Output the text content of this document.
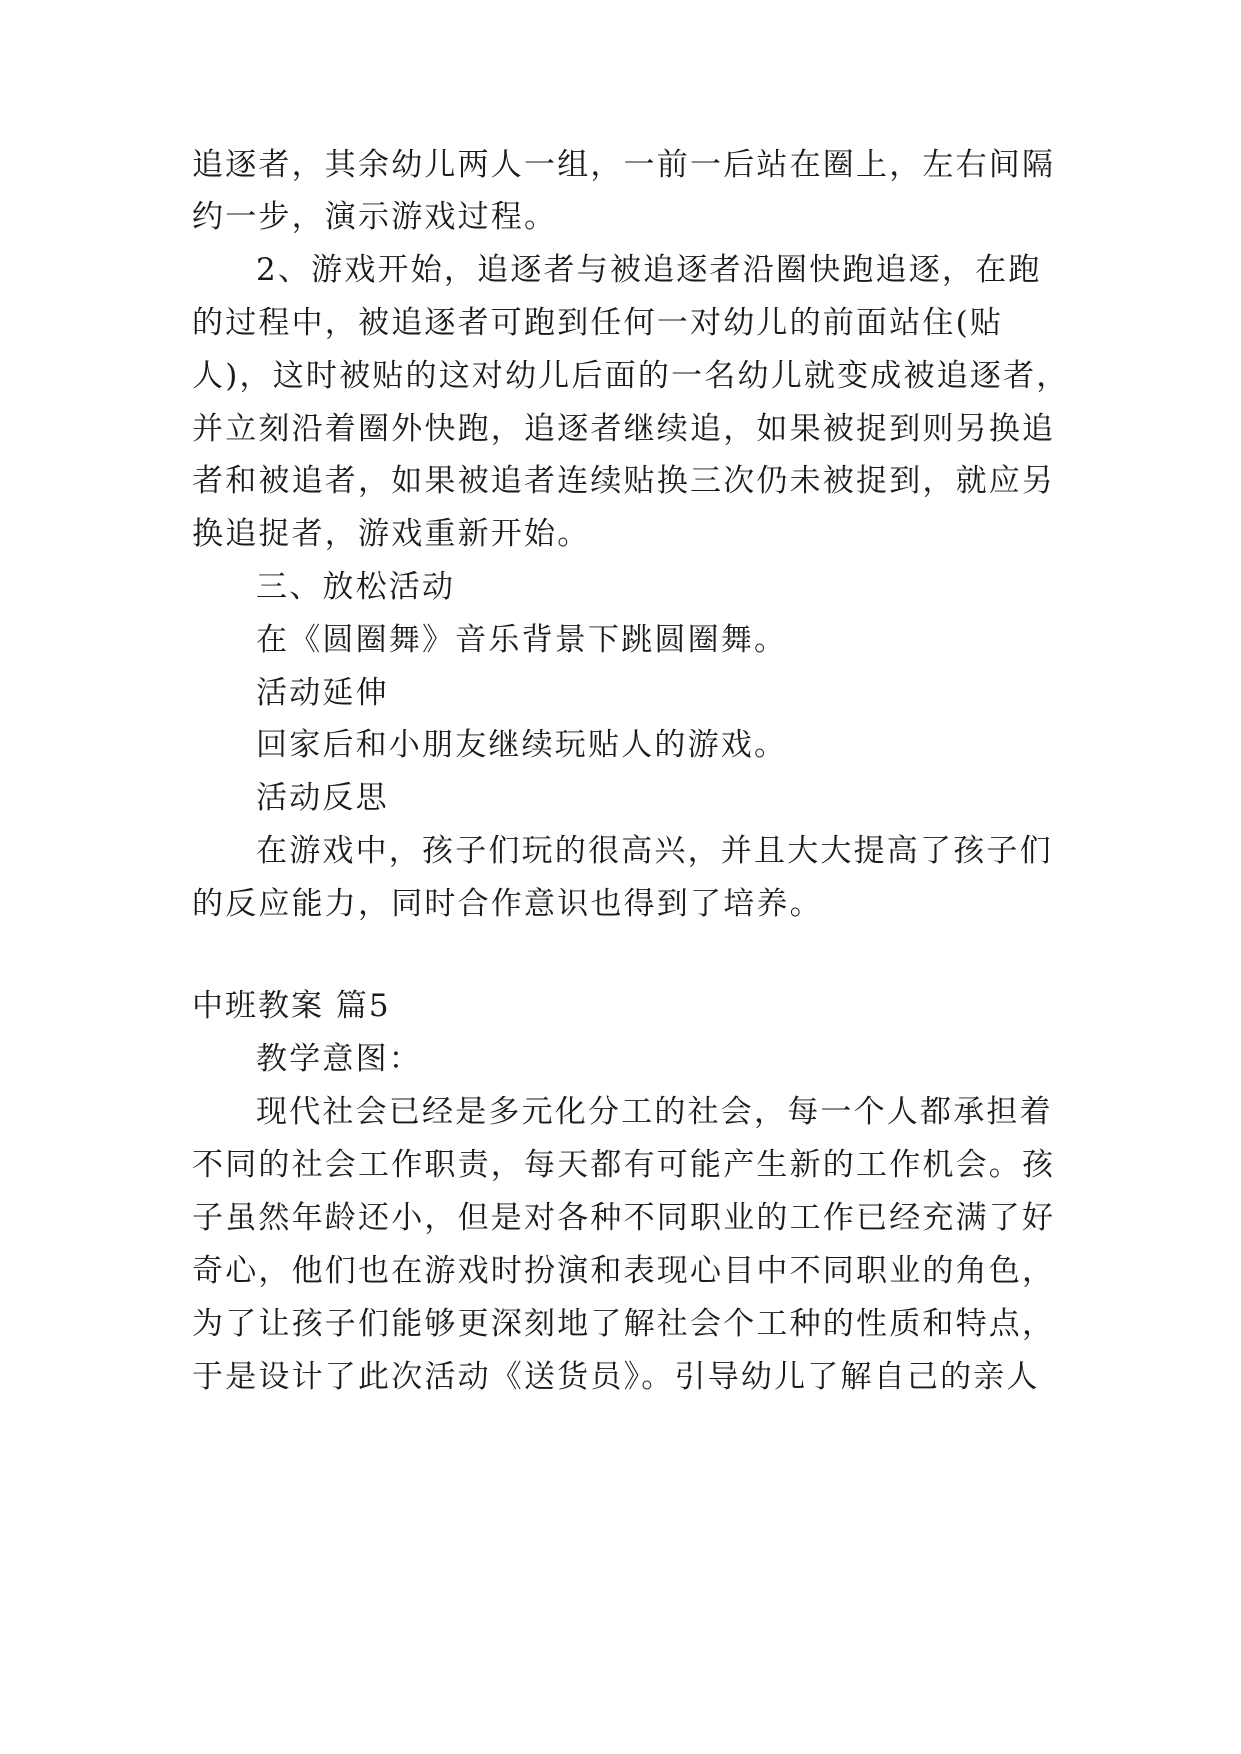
追逐者，其余幼儿两人一组，一前一后站在圈上，左右间隔
约一步，演示游戏过程。
2、游戏开始，追逐者与被追逐者沿圈快跑追逐，在跑
的过程中，被追逐者可跑到任何一对幼儿的前面站住(贴
人)，这时被贴的这对幼儿后面的一名幼儿就变成被追逐者，
并立刻沿着圈外快跑，追逐者继续追，如果被捉到则另换追
者和被追者，如果被追者连续贴换三次仍未被捉到，就应另
换追捉者，游戏重新开始。
三、放松活动
在《圆圈舞》音乐背景下跳圆圈舞。
活动延伸
回家后和小朋友继续玩贴人的游戏。
活动反思
在游戏中，孩子们玩的很高兴，并且大大提高了孩子们
的反应能力，同时合作意识也得到了培养。
中班教案 篇5
教学意图：
现代社会已经是多元化分工的社会，每一个人都承担着
不同的社会工作职责，每天都有可能产生新的工作机会。孩
子虽然年龄还小，但是对各种不同职业的工作已经充满了好
奇心，他们也在游戏时扮演和表现心目中不同职业的角色，
为了让孩子们能够更深刻地了解社会个工种的性质和特点，
于是设计了此次活动《送货员》。引导幼儿了解自己的亲人
